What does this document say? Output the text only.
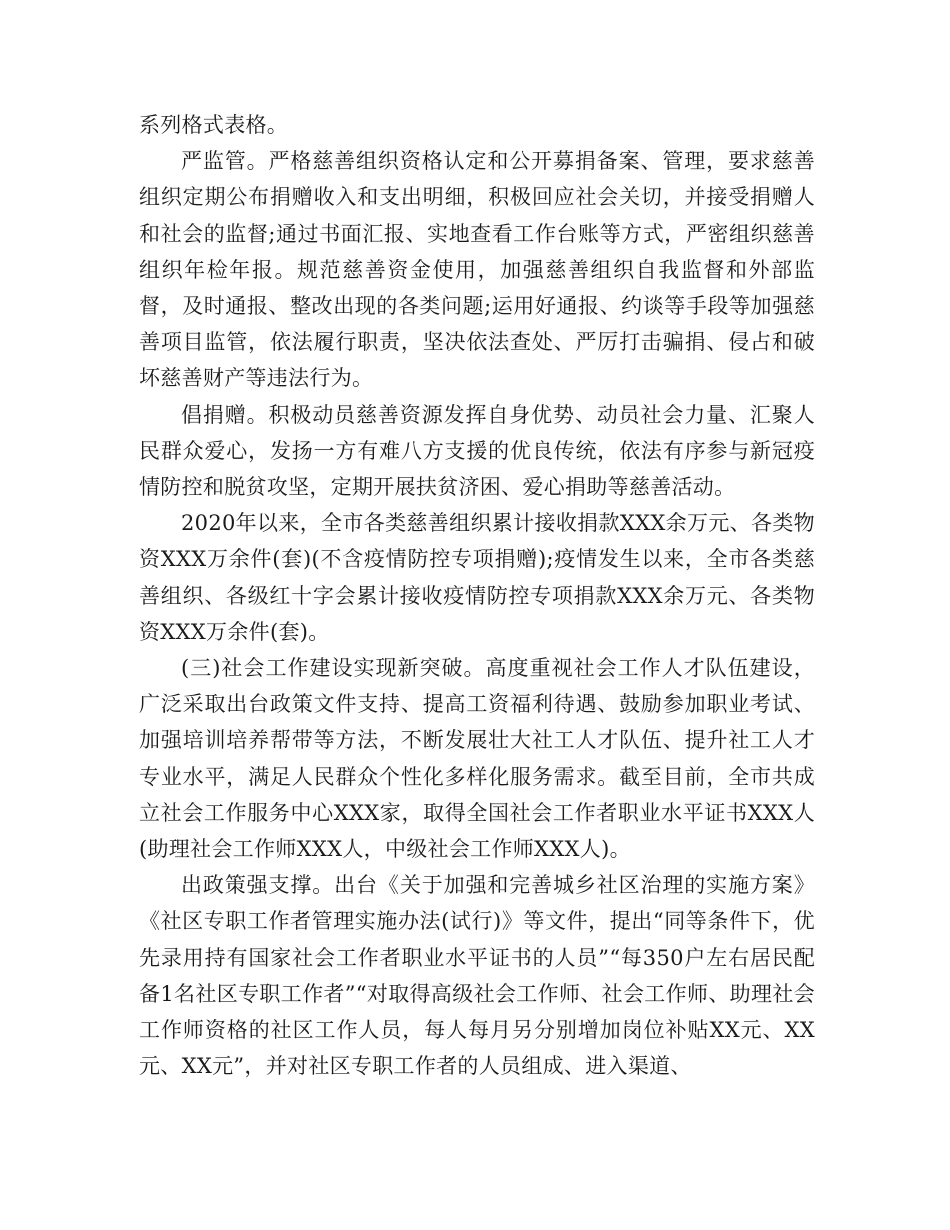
系列格式表格。

严监管。严格慈善组织资格认定和公开募捐备案、管理，要求慈善组织定期公布捐赠收入和支出明细，积极回应社会关切，并接受捐赠人和社会的监督;通过书面汇报、实地查看工作台账等方式，严密组织慈善组织年检年报。规范慈善资金使用，加强慈善组织自我监督和外部监督，及时通报、整改出现的各类问题;运用好通报、约谈等手段等加强慈善项目监管，依法履行职责，坚决依法查处、严厉打击骗捐、侵占和破坏慈善财产等违法行为。

倡捐赠。积极动员慈善资源发挥自身优势、动员社会力量、汇聚人民群众爱心，发扬一方有难八方支援的优良传统，依法有序参与新冠疫情防控和脱贫攻坚，定期开展扶贫济困、爱心捐助等慈善活动。

2020年以来，全市各类慈善组织累计接收捐款XXX余万元、各类物资XXX万余件(套)(不含疫情防控专项捐赠);疫情发生以来，全市各类慈善组织、各级红十字会累计接收疫情防控专项捐款XXX余万元、各类物资XXX万余件(套)。

(三)社会工作建设实现新突破。高度重视社会工作人才队伍建设，广泛采取出台政策文件支持、提高工资福利待遇、鼓励参加职业考试、加强培训培养帮带等方法，不断发展壮大社工人才队伍、提升社工人才专业水平，满足人民群众个性化多样化服务需求。截至目前，全市共成立社会工作服务中心XXX家，取得全国社会工作者职业水平证书XXX人(助理社会工作师XXX人，中级社会工作师XXX人)。

出政策强支撑。出台《关于加强和完善城乡社区治理的实施方案》《社区专职工作者管理实施办法(试行)》等文件，提出“同等条件下，优先录用持有国家社会工作者职业水平证书的人员”“每350户左右居民配备1名社区专职工作者”“对取得高级社会工作师、社会工作师、助理社会工作师资格的社区工作人员，每人每月另分别增加岗位补贴XX元、XX元、XX元”，并对社区专职工作者的人员组成、进入渠道、
